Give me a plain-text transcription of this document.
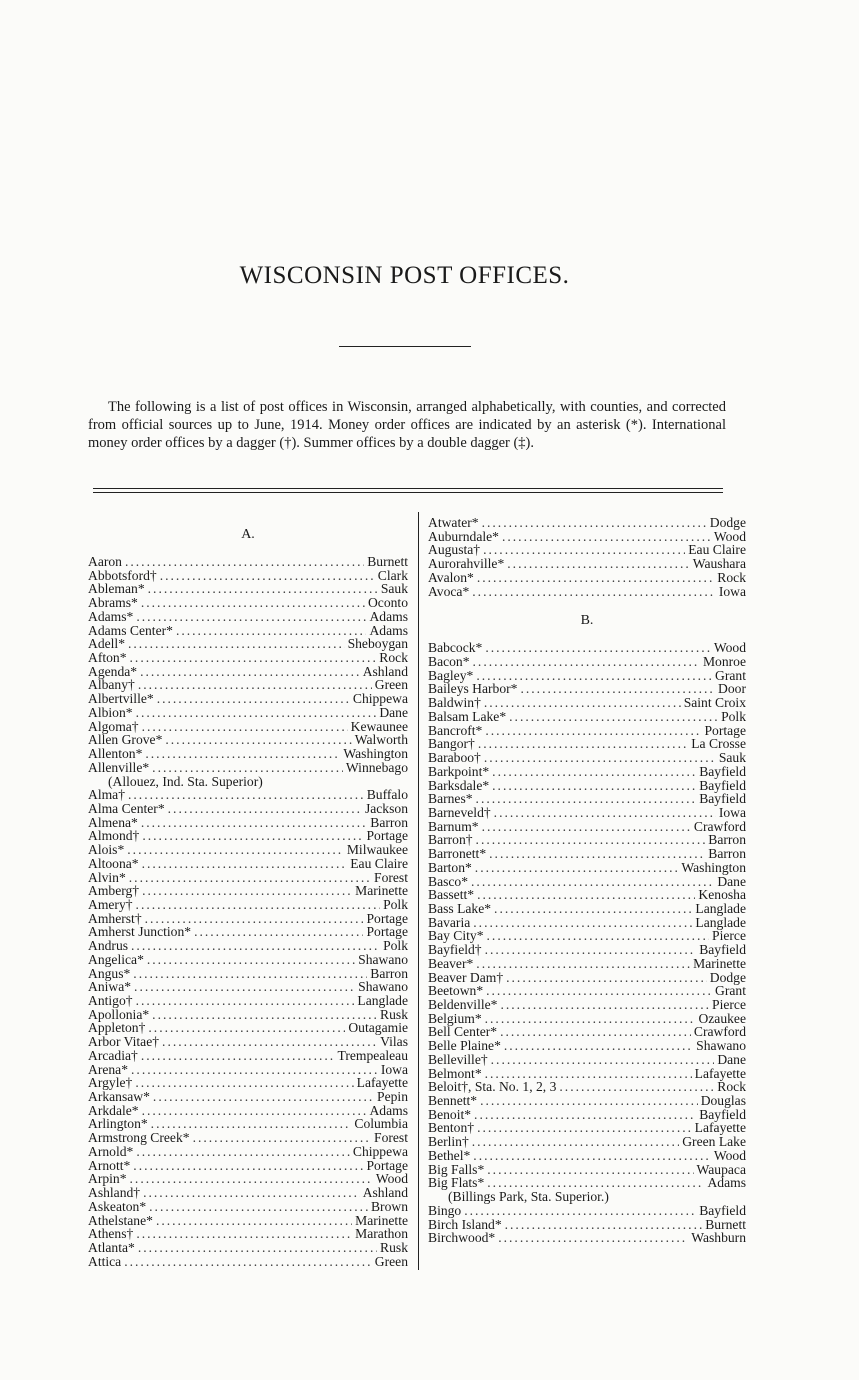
WISCONSIN POST OFFICES.

The following is a list of post offices in Wisconsin, arranged alphabetically, with counties, and corrected from official sources up to June, 1914. Money order offices are indicated by an asterisk (*). International money order offices by a dagger (†). Summer offices by a double dagger (‡).

A.
Aaron .....	Burnett
Abbotsford† .....	Clark
Ableman* .....	Sauk
Abrams* .....	Oconto
Adams* .....	Adams
Adams Center* .....	Adams
Adell* .....	Sheboygan
Afton* .....	Rock
Agenda* .....	Ashland
Albany† .....	Green
Albertville* .....	Chippewa
Albion* .....	Dane
Algoma† .....	Kewaunee
Allen Grove* .....	Walworth
Allenton* .....	Washington
Allenville* .....	Winnebago
(Allouez, Ind. Sta. Superior)
Alma† .....	Buffalo
Alma Center* .....	Jackson
Almena* .....	Barron
Almond† .....	Portage
Alois* .....	Milwaukee
Altoona* .....	Eau Claire
Alvin* .....	Forest
Amberg† .....	Marinette
Amery† .....	Polk
Amherst† .....	Portage
Amherst Junction* .....	Portage
Andrus .....	Polk
Angelica* .....	Shawano
Angus* .....	Barron
Aniwa* .....	Shawano
Antigo† .....	Langlade
Apollonia* .....	Rusk
Appleton† .....	Outagamie
Arbor Vitae† .....	Vilas
Arcadia† .....	Trempealeau
Arena* .....	Iowa
Argyle† .....	Lafayette
Arkansaw* .....	Pepin
Arkdale* .....	Adams
Arlington* .....	Columbia
Armstrong Creek* .....	Forest
Arnold* .....	Chippewa
Arnott* .....	Portage
Arpin* .....	Wood
Ashland† .....	Ashland
Askeaton* .....	Brown
Athelstane* .....	Marinette
Athens† .....	Marathon
Atlanta* .....	Rusk
Attica .....	Green
Atwater* .....	Dodge
Auburndale* .....	Wood
Augusta† .....	Eau Claire
Aurorahville* .....	Waushara
Avalon* .....	Rock
Avoca* .....	Iowa
B.
Babcock* .....	Wood
Bacon* .....	Monroe
Bagley* .....	Grant
Baileys Harbor* .....	Door
Baldwin† .....	Saint Croix
Balsam Lake* .....	Polk
Bancroft* .....	Portage
Bangor† .....	La Crosse
Baraboo† .....	Sauk
Barkpoint* .....	Bayfield
Barksdale* .....	Bayfield
Barnes* .....	Bayfield
Barneveld† .....	Iowa
Barnum* .....	Crawford
Barron† .....	Barron
Barronett* .....	Barron
Barton* .....	Washington
Basco* .....	Dane
Bassett* .....	Kenosha
Bass Lake* .....	Langlade
Bavaria .....	Langlade
Bay City* .....	Pierce
Bayfield† .....	Bayfield
Beaver* .....	Marinette
Beaver Dam† .....	Dodge
Beetown* .....	Grant
Beldenville* .....	Pierce
Belgium* .....	Ozaukee
Bell Center* .....	Crawford
Belle Plaine* .....	Shawano
Belleville† .....	Dane
Belmont* .....	Lafayette
Beloit†, Sta. No. 1, 2, 3 .....	Rock
Bennett* .....	Douglas
Benoit* .....	Bayfield
Benton† .....	Lafayette
Berlin† .....	Green Lake
Bethel* .....	Wood
Big Falls* .....	Waupaca
Big Flats* .....	Adams
(Billings Park, Sta. Superior.)
Bingo .....	Bayfield
Birch Island* .....	Burnett
Birchwood* .....	Washburn
